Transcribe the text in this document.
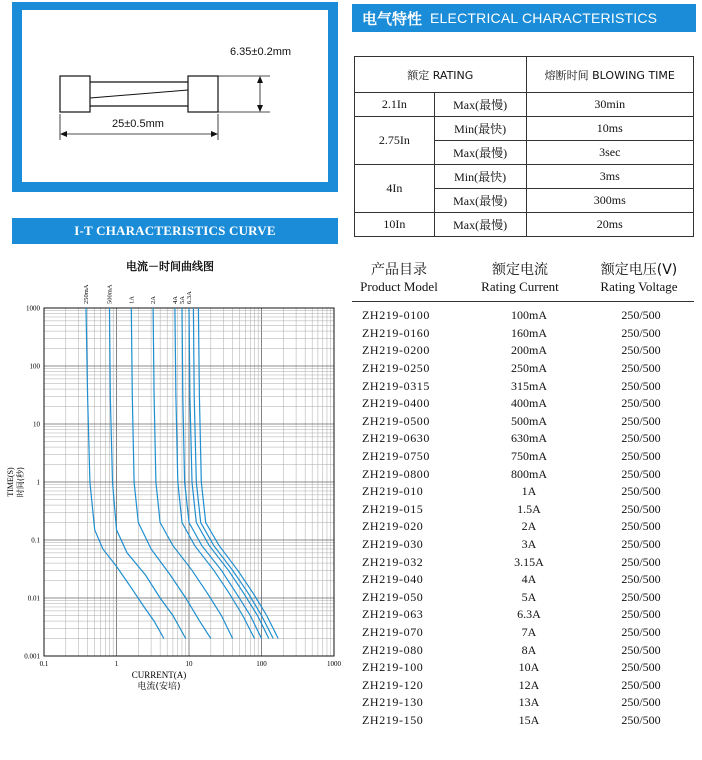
6.35±0.2mm
25±0.5mm
电气特性 ELECTRICAL CHARACTERISTICS
额定 RATING		熔断时间 BLOWING TIME
2.1In	Max(最慢)	30min
2.75In	Min(最快)	10ms
	Max(最慢)	3sec
4In	Min(最快)	3ms
	Max(最慢)	300ms
10In	Max(最慢)	20ms
I-T CHARACTERISTICS CURVE
电流－时间曲线图
250mA	500mA 1A 2A 4A 5A 6.3A
0.1	1	10	100	1000
1000
100
10
1
0.1
0.01
0.001
CURRENT(A)
电流(安培)
TIME(S) 时间(秒)
产品目录
Product Model
额定电流
Rating Current
额定电压(V)
Rating Voltage
ZH219-0100	100mA	250/500
ZH219-0160	160mA	250/500
ZH219-0200	200mA	250/500
ZH219-0250	250mA	250/500
ZH219-0315	315mA	250/500
ZH219-0400	400mA	250/500
ZH219-0500	500mA	250/500
ZH219-0630	630mA	250/500
ZH219-0750	750mA	250/500
ZH219-0800	800mA	250/500
ZH219-010	1A	250/500
ZH219-015	1.5A	250/500
ZH219-020	2A	250/500
ZH219-030	3A	250/500
ZH219-032	3.15A	250/500
ZH219-040	4A	250/500
ZH219-050	5A	250/500
ZH219-063	6.3A	250/500
ZH219-070	7A	250/500
ZH219-080	8A	250/500
ZH219-100	10A	250/500
ZH219-120	12A	250/500
ZH219-130	13A	250/500
ZH219-150	15A	250/500
